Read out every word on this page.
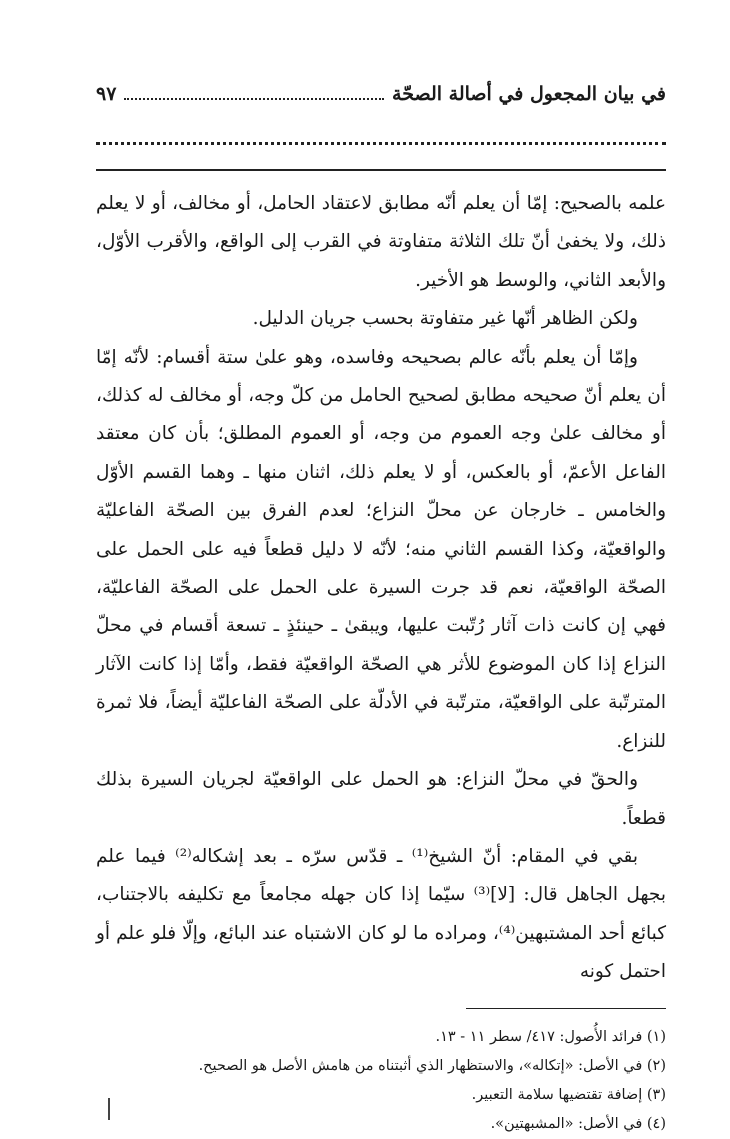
في بيان المجعول في أصالة الصحّة
٩٧

علمه بالصحيح: إمّا أن يعلم أنّه مطابق لاعتقاد الحامل، أو مخالف، أو لا يعلم ذلك، ولا يخفىٰ أنّ تلك الثلاثة متفاوتة في القرب إلى الواقع، والأقرب الأوّل، والأبعد الثاني، والوسط هو الأخير.

ولكن الظاهر أنّها غير متفاوتة بحسب جريان الدليل.

وإمّا أن يعلم بأنّه عالم بصحيحه وفاسده، وهو علىٰ ستة أقسام: لأنّه إمّا أن يعلم أنّ صحيحه مطابق لصحيح الحامل من كلّ وجه، أو مخالف له كذلك، أو مخالف علىٰ وجه العموم من وجه، أو العموم المطلق؛ بأن كان معتقد الفاعل الأعمّ، أو بالعكس، أو لا يعلم ذلك، اثنان منها ـ وهما القسم الأوّل والخامس ـ خارجان عن محلّ النزاع؛ لعدم الفرق بين الصحّة الفاعليّة والواقعيّة، وكذا القسم الثاني منه؛ لأنّه لا دليل قطعاً فيه على الحمل على الصحّة الواقعيّة، نعم قد جرت السيرة على الحمل على الصحّة الفاعليّة، فهي إن كانت ذات آثار رُتّبت عليها، ويبقىٰ ـ حينئذٍ ـ تسعة أقسام في محلّ النزاع إذا كان الموضوع للأثر هي الصحّة الواقعيّة فقط، وأمّا إذا كانت الآثار المترتّبة على الواقعيّة، مترتّبة في الأدلّة على الصحّة الفاعليّة أيضاً، فلا ثمرة للنزاع.

والحقّ في محلّ النزاع: هو الحمل على الواقعيّة لجريان السيرة بذلك قطعاً.

بقي في المقام: أنّ الشيخ⁽¹⁾ ـ قدّس سرّه ـ بعد إشكاله⁽²⁾ فيما علم بجهل الجاهل قال: [لا]⁽³⁾ سيّما إذا كان جهله مجامعاً مع تكليفه بالاجتناب، كبائع أحد المشتبهين⁽⁴⁾، ومراده ما لو كان الاشتباه عند البائع، وإلّا فلو علم أو احتمل كونه

(١) فرائد الأُصول: ٤١٧/ سطر ١١ - ١٣.

(٢) في الأصل: «إتكاله»، والاستظهار الذي أثبتناه من هامش الأصل هو الصحيح.

(٣) إضافة تقتضيها سلامة التعبير.

(٤) في الأصل: «المشبهتين».
